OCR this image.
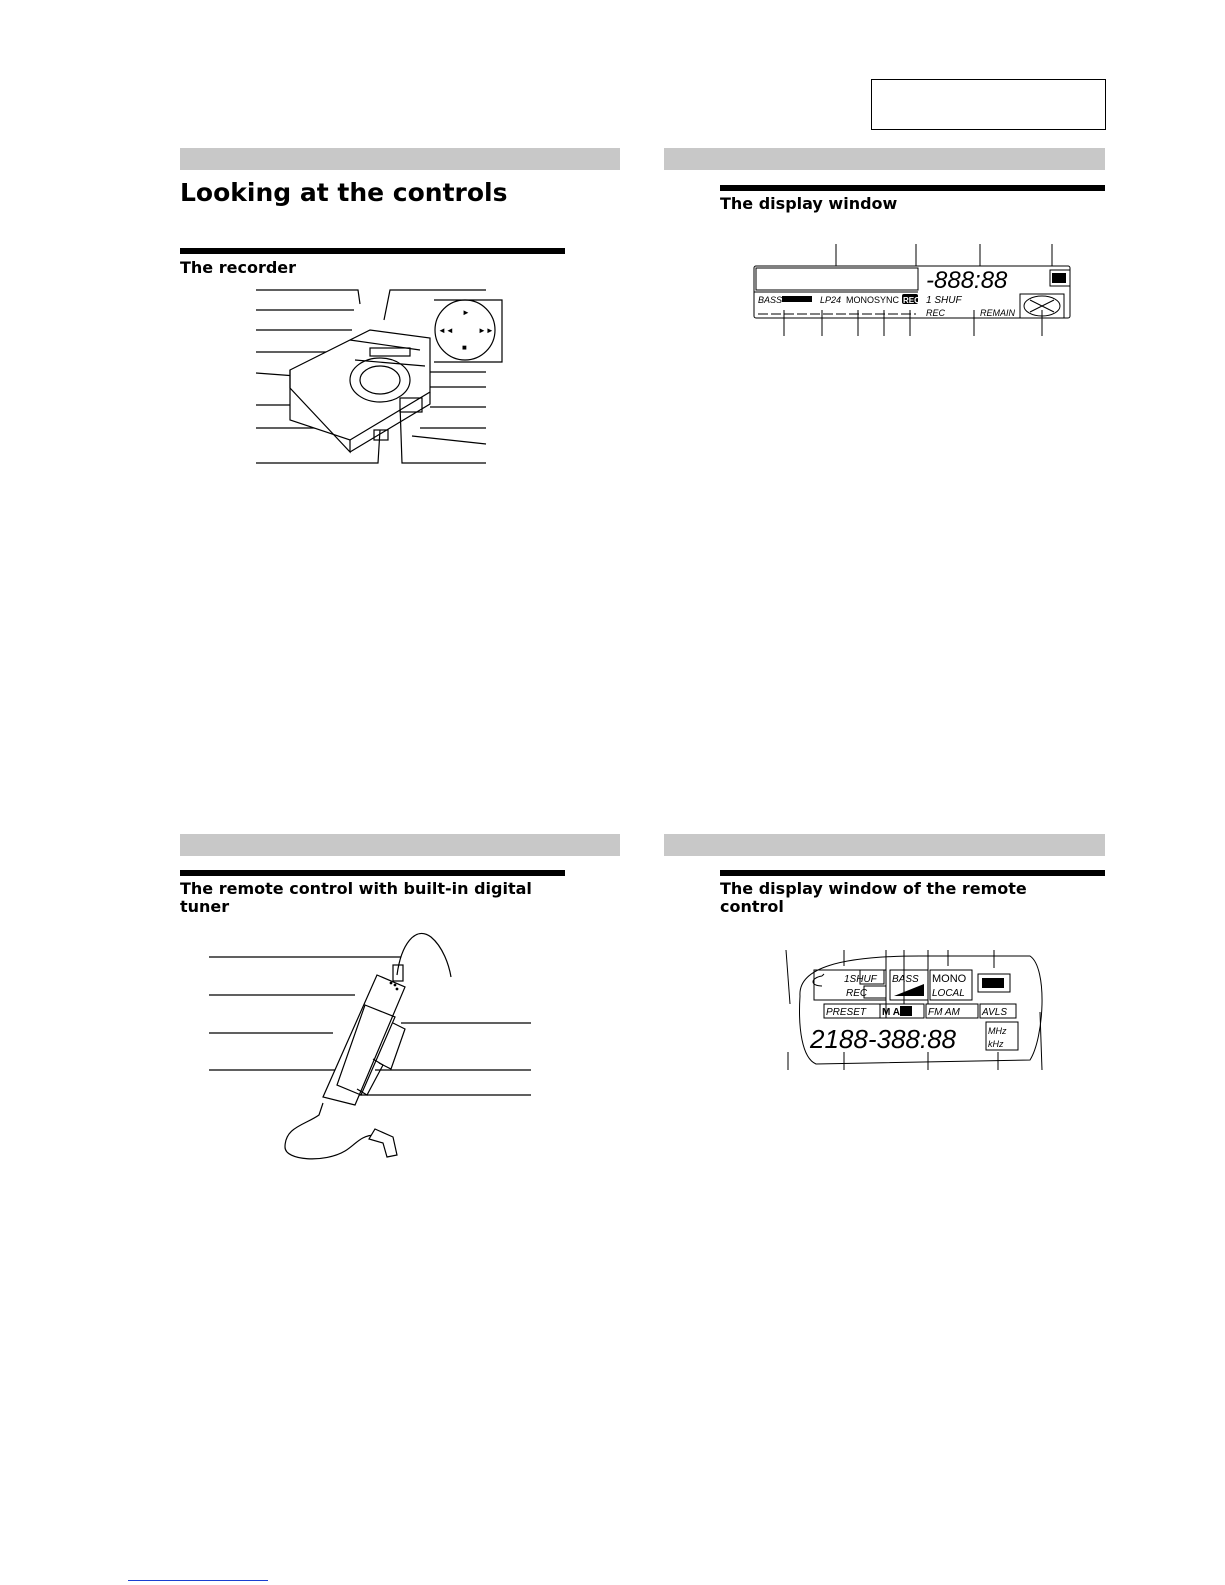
Looking at the controls
The recorder
The display window
The remote control with built-in digital tuner
The display window of the remote control
►
◄◄	►►
■
BASS	LP24 MONO SYNC REC 1 SHUF
REC	REMAIN
-888:88
1SHUF
REC
BASS MONO
LOCAL
PRESET M A	FM AM AVLS
2188-388:88	MHz
kHz
